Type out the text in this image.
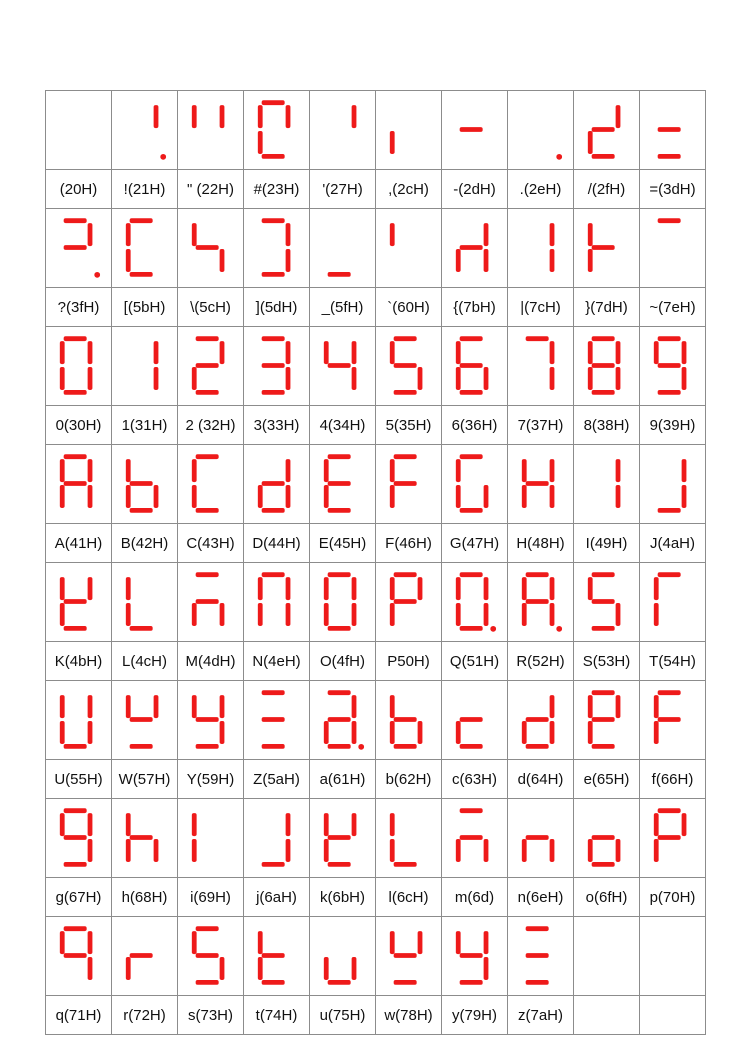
(20H)	!(21H)	" (22H)	#(23H)	'(27H)	,(2cH)	-(2dH)	.(2eH)	/(2fH)	=(3dH)

?(3fH)	[(5bH)	\(5cH)	](5dH)	_(5fH)	`(60H)	{(7bH)	|(7cH)	}(7dH)	~(7eH)

0(30H)	1(31H)	2 (32H)	3(33H)	4(34H)	5(35H)	6(36H)	7(37H)	8(38H)	9(39H)

A(41H)	B(42H)	C(43H)	D(44H)	E(45H)	F(46H)	G(47H)	H(48H)	I(49H)	J(4aH)

K(4bH)	L(4cH)	M(4dH)	N(4eH)	O(4fH)	P50H)	Q(51H)	R(52H)	S(53H)	T(54H)

U(55H)	W(57H)	Y(59H)	Z(5aH)	a(61H)	b(62H)	c(63H)	d(64H)	e(65H)	f(66H)

g(67H)	h(68H)	i(69H)	j(6aH)	k(6bH)	l(6cH)	m(6d)	n(6eH)	o(6fH)	p(70H)

q(71H)	r(72H)	s(73H)	t(74H)	u(75H)	w(78H)	y(79H)	z(7aH)		
